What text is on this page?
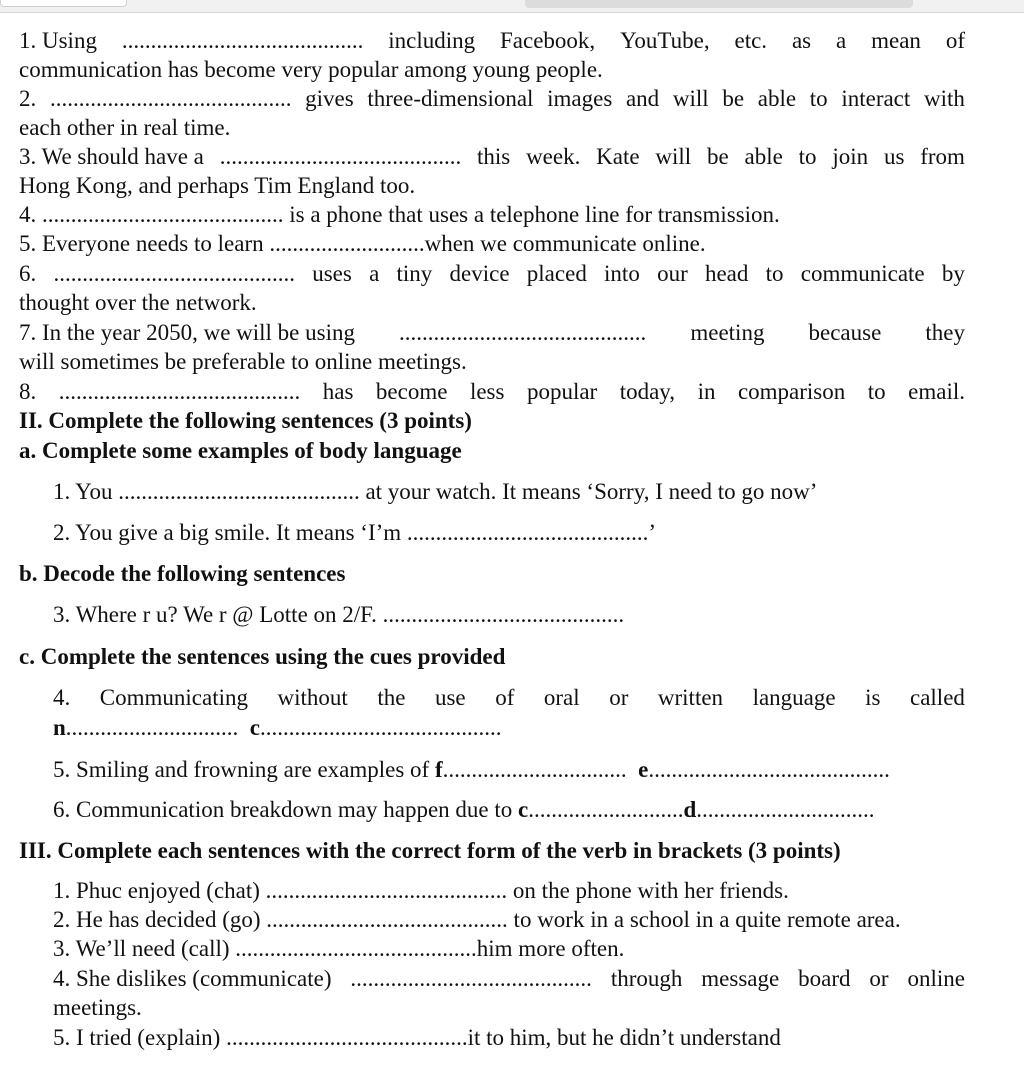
1. Using .......................................... including Facebook, YouTube, etc. as a mean of
communication has become very popular among young people.
2. .......................................... gives three-dimensional images and will be able to interact with
each other in real time.
3. We should have a .......................................... this week. Kate will be able to join us from
Hong Kong, and perhaps Tim England too.
4. .......................................... is a phone that uses a telephone line for transmission.
5. Everyone needs to learn ...........................when we communicate online.
6. .......................................... uses a tiny device placed into our head to communicate by
thought over the network.
7. In the year 2050, we will be using ........................................... meeting because they
will sometimes be preferable to online meetings.
8. .......................................... has become less popular today, in comparison to email.
II. Complete the following sentences (3 points)
a. Complete some examples of body language
1. You .......................................... at your watch. It means ‘Sorry, I need to go now’
2. You give a big smile. It means ‘I’m ..........................................’
b. Decode the following sentences
3. Where r u? We r @ Lotte on 2/F. ..........................................
c. Complete the sentences using the cues provided
4. Communicating without the use of oral or written language is called
n.............................. c..........................................
5. Smiling and frowning are examples of f................................ e..........................................
6. Communication breakdown may happen due to c...........................d...............................
III. Complete each sentences with the correct form of the verb in brackets (3 points)
1. Phuc enjoyed (chat) .......................................... on the phone with her friends.
2. He has decided (go) .......................................... to work in a school in a quite remote area.
3. We’ll need (call) ..........................................him more often.
4. She dislikes (communicate) .......................................... through message board or online
meetings.
5. I tried (explain) ..........................................it to him, but he didn’t understand
